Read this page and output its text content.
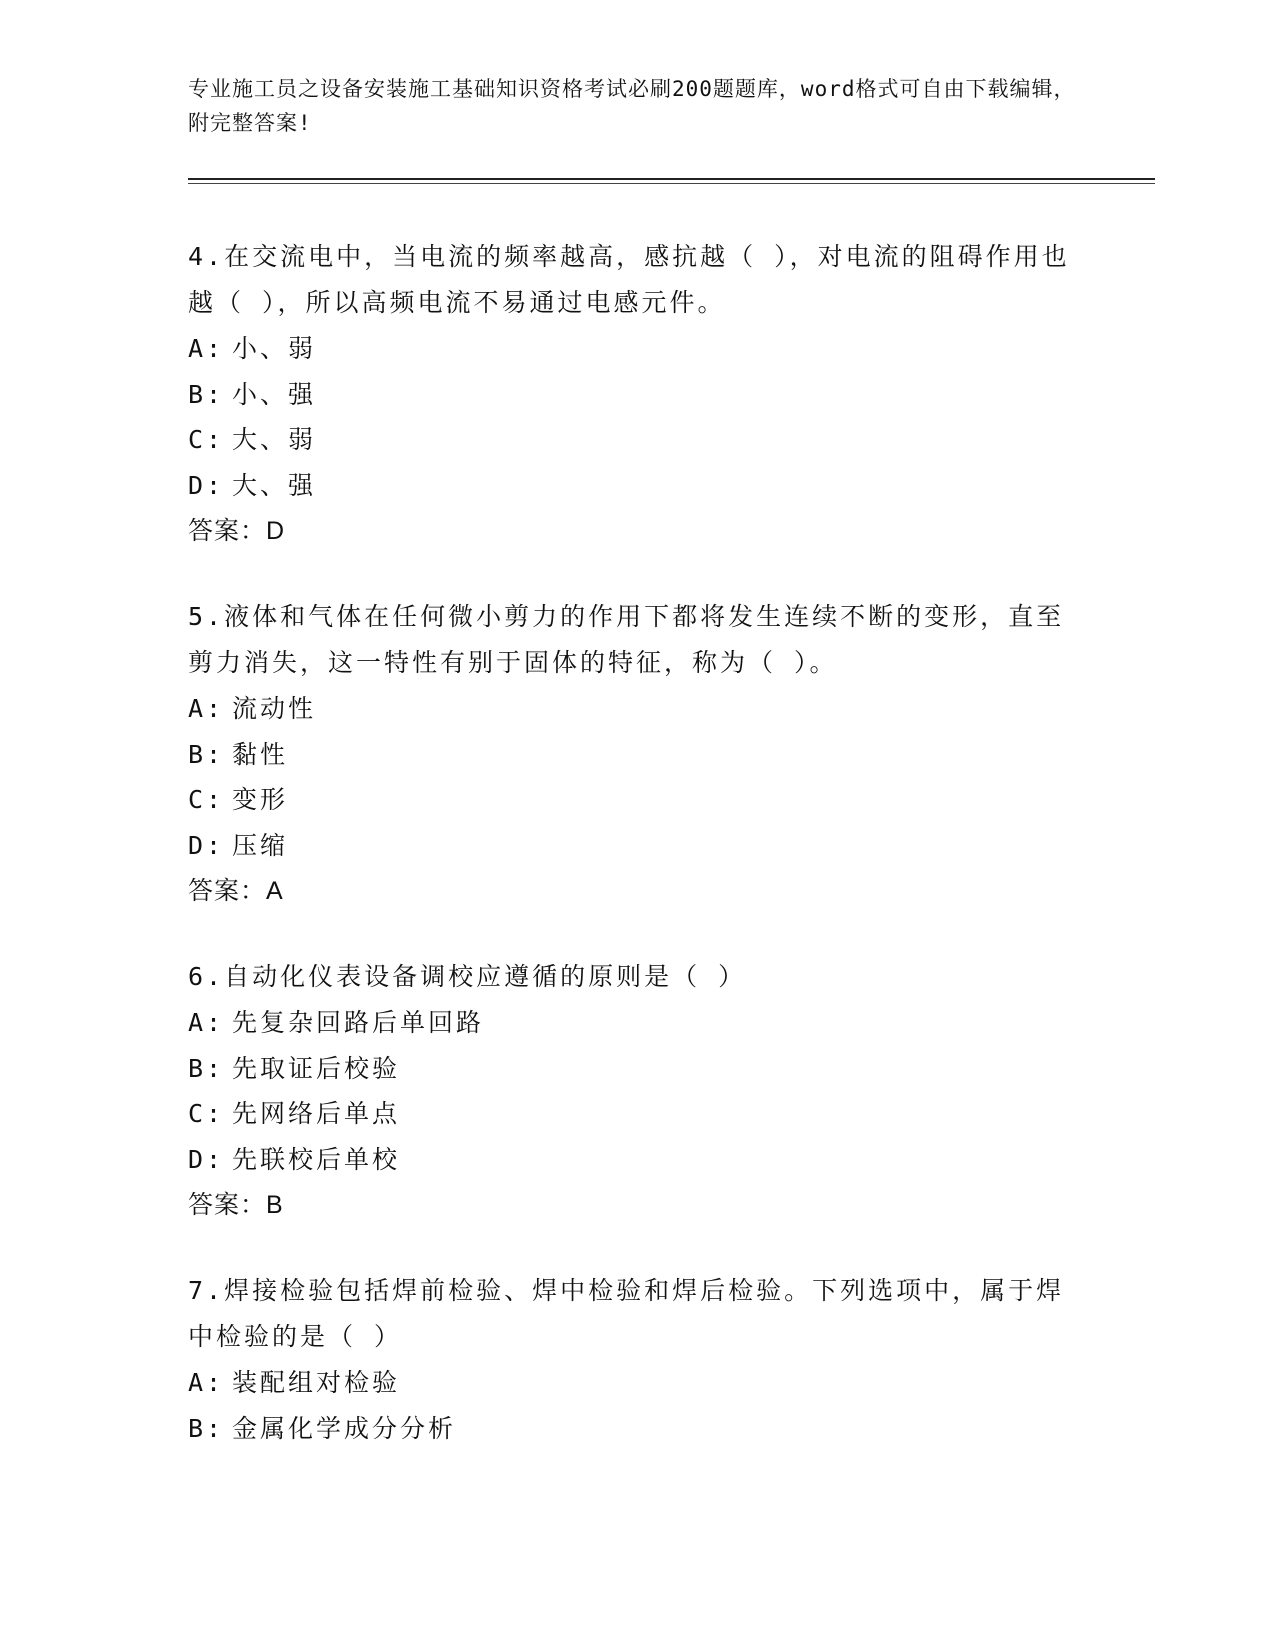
专业施工员之设备安装施工基础知识资格考试必刷200题题库，word格式可自由下载编辑，附完整答案!
4.在交流电中，当电流的频率越高，感抗越（ ），对电流的阻碍作用也越（ ），所以高频电流不易通过电感元件。
A: 小、弱
B: 小、强
C: 大、弱
D: 大、强
答案：D
5.液体和气体在任何微小剪力的作用下都将发生连续不断的变形，直至剪力消失，这一特性有别于固体的特征，称为（ ）。
A: 流动性
B: 黏性
C: 变形
D: 压缩
答案：A
6.自动化仪表设备调校应遵循的原则是（ ）
A: 先复杂回路后单回路
B: 先取证后校验
C: 先网络后单点
D: 先联校后单校
答案：B
7.焊接检验包括焊前检验、焊中检验和焊后检验。下列选项中，属于焊中检验的是（ ）
A: 装配组对检验
B: 金属化学成分分析
